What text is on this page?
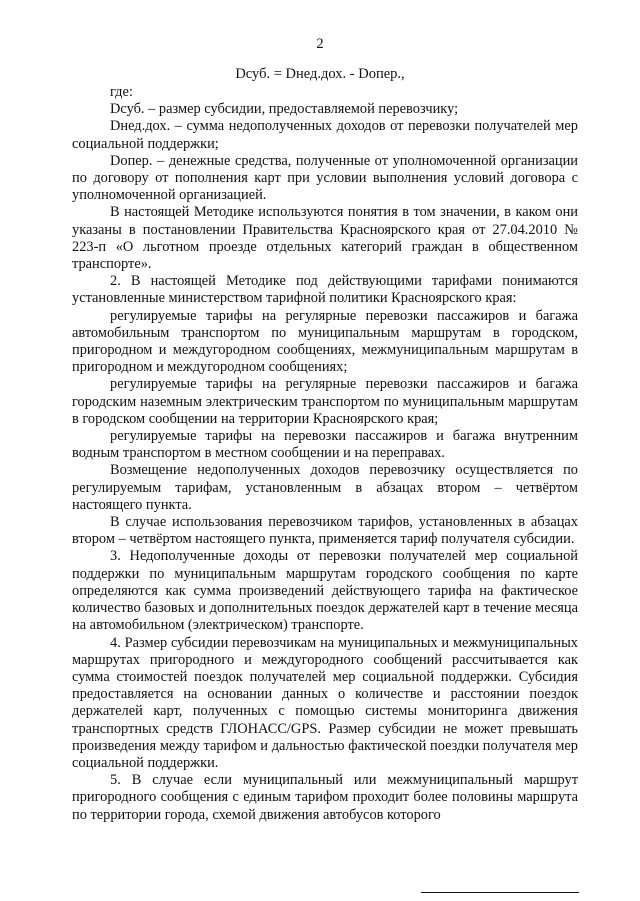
2
Dсуб. = Dнед.дох. - Dопер.,

где:

Dсуб. – размер субсидии, предоставляемой перевозчику;

Dнед.дох. – сумма недополученных доходов от перевозки получателей мер социальной поддержки;

Dопер. – денежные средства, полученные от уполномоченной организации по договору от пополнения карт при условии выполнения условий договора с уполномоченной организацией.

В настоящей Методике используются понятия в том значении, в каком они указаны в постановлении Правительства Красноярского края от 27.04.2010 № 223-п «О льготном проезде отдельных категорий граждан в общественном транспорте».

2. В настоящей Методике под действующими тарифами понимаются установленные министерством тарифной политики Красноярского края:

регулируемые тарифы на регулярные перевозки пассажиров и багажа автомобильным транспортом по муниципальным маршрутам в городском, пригородном и междугородном сообщениях, межмуниципальным маршрутам в пригородном и междугородном сообщениях;

регулируемые тарифы на регулярные перевозки пассажиров и багажа городским наземным электрическим транспортом по муниципальным маршрутам в городском сообщении на территории Красноярского края;

регулируемые тарифы на перевозки пассажиров и багажа внутренним водным транспортом в местном сообщении и на переправах.

Возмещение недополученных доходов перевозчику осуществляется по регулируемым тарифам, установленным в абзацах втором – четвёртом настоящего пункта.

В случае использования перевозчиком тарифов, установленных в абзацах втором – четвёртом настоящего пункта, применяется тариф получателя субсидии.

3. Недополученные доходы от перевозки получателей мер социальной поддержки по муниципальным маршрутам городского сообщения по карте определяются как сумма произведений действующего тарифа на фактическое количество базовых и дополнительных поездок держателей карт в течение месяца на автомобильном (электрическом) транспорте.

4. Размер субсидии перевозчикам на муниципальных и межмуниципальных маршрутах пригородного и междугородного сообщений рассчитывается как сумма стоимостей поездок получателей мер социальной поддержки. Субсидия предоставляется на основании данных о количестве и расстоянии поездок держателей карт, полученных с помощью системы мониторинга движения транспортных средств ГЛОНАСС/GPS. Размер субсидии не может превышать произведения между тарифом и дальностью фактической поездки получателя мер социальной поддержки.

5. В случае если муниципальный или межмуниципальный маршрут пригородного сообщения с единым тарифом проходит более половины маршрута по территории города, схемой движения автобусов которого
